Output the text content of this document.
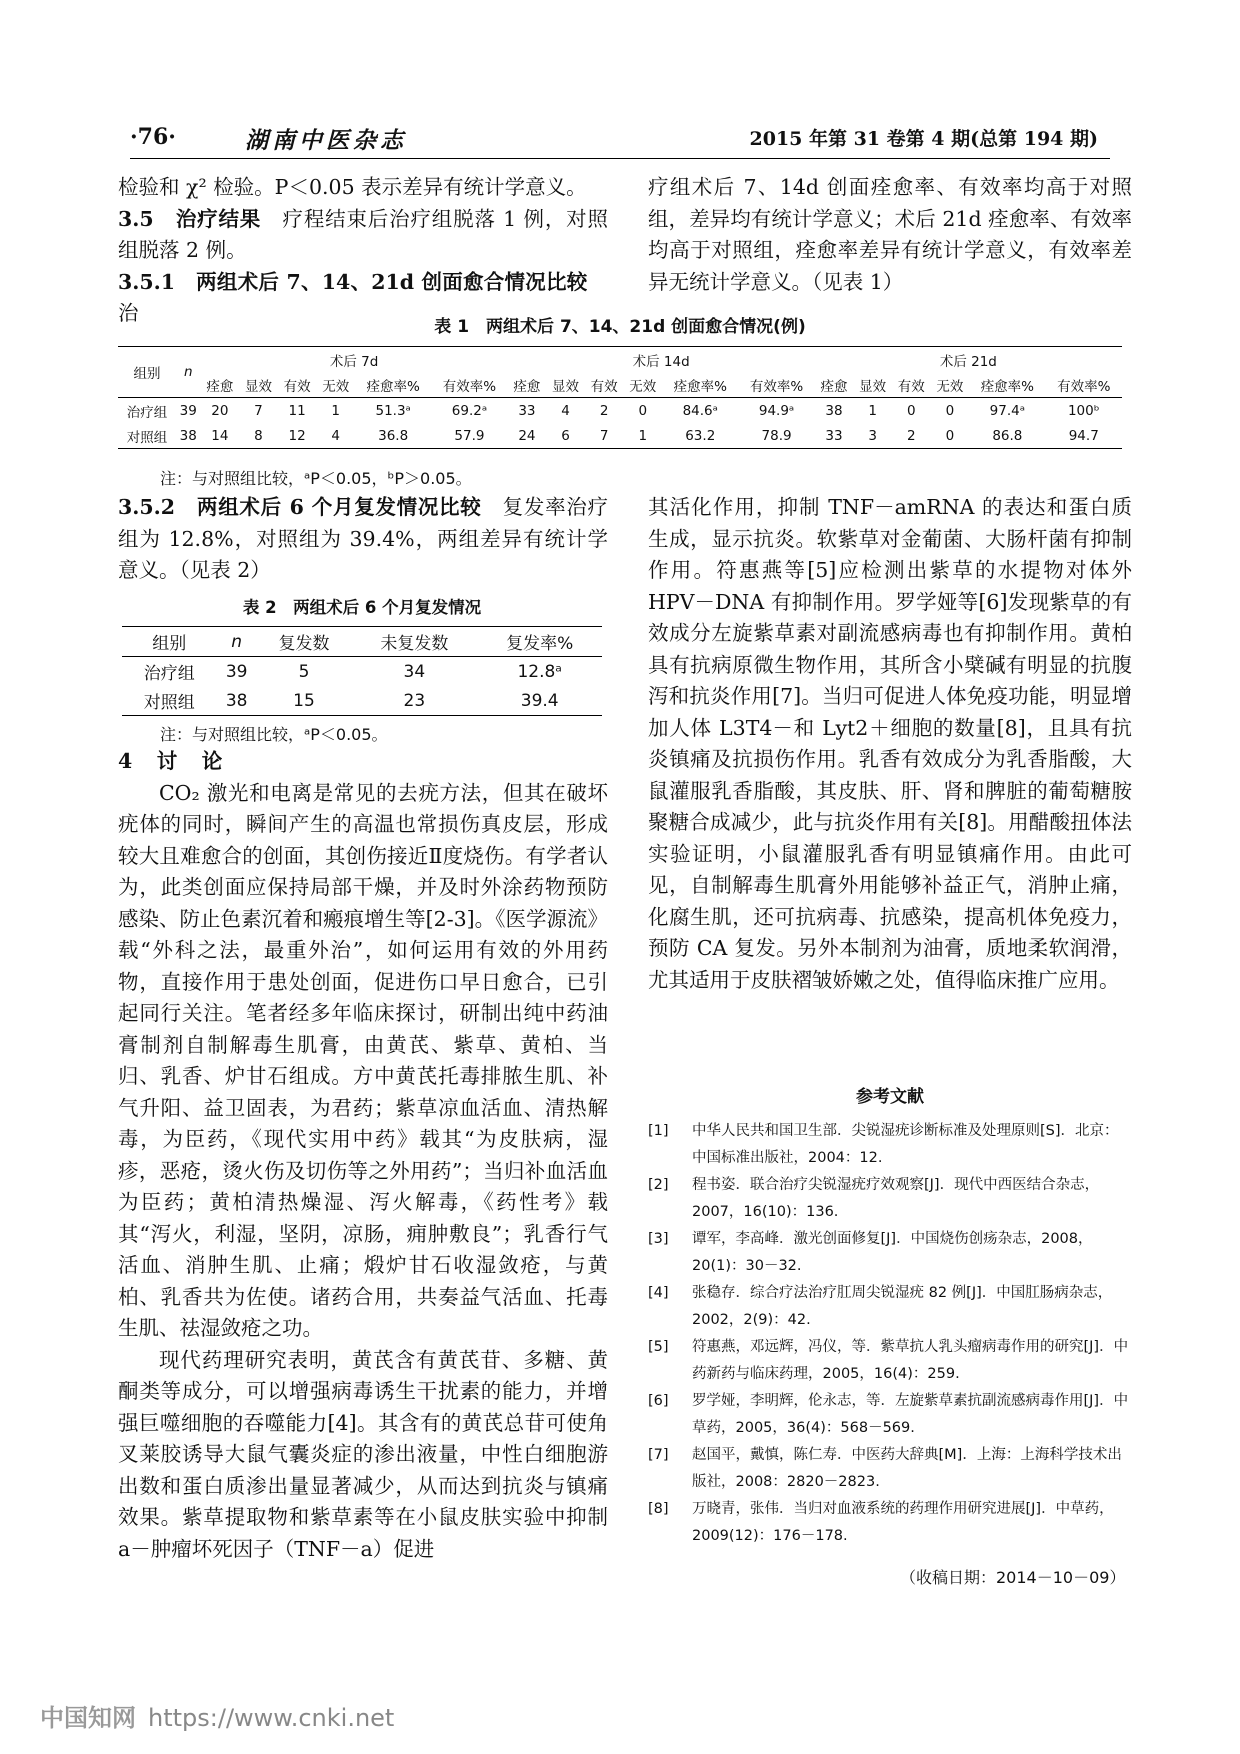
·76·	湖南中医杂志	2015 年第 31 卷第 4 期(总第 194 期)

检验和 χ² 检验。P＜0.05 表示差异有统计学意义。

3.5　治疗结果　疗程结束后治疗组脱落 1 例，对照组脱落 2 例。

3.5.1　两组术后 7、14、21d 创面愈合情况比较　治

疗组术后 7、14d 创面痊愈率、有效率均高于对照组，差异均有统计学意义；术后 21d 痊愈率、有效率均高于对照组，痊愈率差异有统计学意义，有效率差异无统计学意义。（见表 1）

表 1　两组术后 7、14、21d 创面愈合情况(例)
组别	n	术后 7d						术后 14d						术后 21d					
		痊愈	显效	有效	无效	痊愈率%	有效率%	痊愈	显效	有效	无效	痊愈率%	有效率%	痊愈	显效	有效	无效	痊愈率%	有效率%
治疗组	39	20	7	11	1	51.3ᵃ	69.2ᵃ	33	4	2	0	84.6ᵃ	94.9ᵃ	38	1	0	0	97.4ᵃ	100ᵇ
对照组	38	14	8	12	4	36.8	57.9	24	6	7	1	63.2	78.9	33	3	2	0	86.8	94.7
注：与对照组比较，ᵃP＜0.05，ᵇP＞0.05。

3.5.2　两组术后 6 个月复发情况比较　复发率治疗组为 12.8%，对照组为 39.4%，两组差异有统计学意义。（见表 2）

表 2　两组术后 6 个月复发情况
组别	n	复发数	未复发数	复发率%
治疗组	39	5	34	12.8ᵃ
对照组	38	15	23	39.4
注：与对照组比较，ᵃP＜0.05。

4　讨　论

CO₂ 激光和电离是常见的去疣方法，但其在破坏疣体的同时，瞬间产生的高温也常损伤真皮层，形成较大且难愈合的创面，其创伤接近Ⅱ度烧伤。有学者认为，此类创面应保持局部干燥，并及时外涂药物预防感染、防止色素沉着和瘢痕增生等[2-3]。《医学源流》载“外科之法，最重外治”，如何运用有效的外用药物，直接作用于患处创面，促进伤口早日愈合，已引起同行关注。笔者经多年临床探讨，研制出纯中药油膏制剂自制解毒生肌膏，由黄芪、紫草、黄柏、当归、乳香、炉甘石组成。方中黄芪托毒排脓生肌、补气升阳、益卫固表，为君药；紫草凉血活血、清热解毒，为臣药，《现代实用中药》载其“为皮肤病，湿疹，恶疮，烫火伤及切伤等之外用药”；当归补血活血为臣药；黄柏清热燥湿、泻火解毒，《药性考》载其“泻火，利湿，坚阴，凉肠，痈肿敷良”；乳香行气活血、消肿生肌、止痛；煅炉甘石收湿敛疮，与黄柏、乳香共为佐使。诸药合用，共奏益气活血、托毒生肌、祛湿敛疮之功。

现代药理研究表明，黄芪含有黄芪苷、多糖、黄酮类等成分，可以增强病毒诱生干扰素的能力，并增强巨噬细胞的吞噬能力[4]。其含有的黄芪总苷可使角叉莱胶诱导大鼠气囊炎症的渗出液量，中性白细胞游出数和蛋白质渗出量显著减少，从而达到抗炎与镇痛效果。紫草提取物和紫草素等在小鼠皮肤实验中抑制 a－肿瘤坏死因子（TNF－a）促进

其活化作用，抑制 TNF－amRNA 的表达和蛋白质生成，显示抗炎。软紫草对金葡菌、大肠杆菌有抑制作用。符惠燕等[5]应检测出紫草的水提物对体外 HPV－DNA 有抑制作用。罗学娅等[6]发现紫草的有效成分左旋紫草素对副流感病毒也有抑制作用。黄柏具有抗病原微生物作用，其所含小檗碱有明显的抗腹泻和抗炎作用[7]。当归可促进人体免疫功能，明显增加人体 L3T4－和 Lyt2＋细胞的数量[8]，且具有抗炎镇痛及抗损伤作用。乳香有效成分为乳香脂酸，大鼠灌服乳香脂酸，其皮肤、肝、肾和脾脏的葡萄糖胺聚糖合成减少，此与抗炎作用有关[8]。用醋酸扭体法实验证明，小鼠灌服乳香有明显镇痛作用。由此可见，自制解毒生肌膏外用能够补益正气，消肿止痛，化腐生肌，还可抗病毒、抗感染，提高机体免疫力，预防 CA 复发。另外本制剂为油膏，质地柔软润滑，尤其适用于皮肤褶皱娇嫩之处，值得临床推广应用。

参考文献

[1] 中华人民共和国卫生部．尖锐湿疣诊断标准及处理原则[S]．北京：中国标准出版社，2004：12.

[2] 程书姿．联合治疗尖锐湿疣疗效观察[J]．现代中西医结合杂志，2007，16(10)：136.

[3] 谭军，李高峰．激光创面修复[J]．中国烧伤创疡杂志，2008，20(1)：30－32.

[4] 张稳存．综合疗法治疗肛周尖锐湿疣 82 例[J]．中国肛肠病杂志，2002，2(9)：42.

[5] 符惠燕，邓远辉，冯仪，等．紫草抗人乳头瘤病毒作用的研究[J]．中药新药与临床药理，2005，16(4)：259.

[6] 罗学娅，李明辉，伦永志，等．左旋紫草素抗副流感病毒作用[J]．中草药，2005，36(4)：568－569.

[7] 赵国平，戴慎，陈仁寿．中医药大辞典[M]．上海：上海科学技术出版社，2008：2820－2823.

[8] 万晓青，张伟．当归对血液系统的药理作用研究进展[J]．中草药，2009(12)：176－178.

（收稿日期：2014－10－09）
中国知网 https://www.cnki.net
